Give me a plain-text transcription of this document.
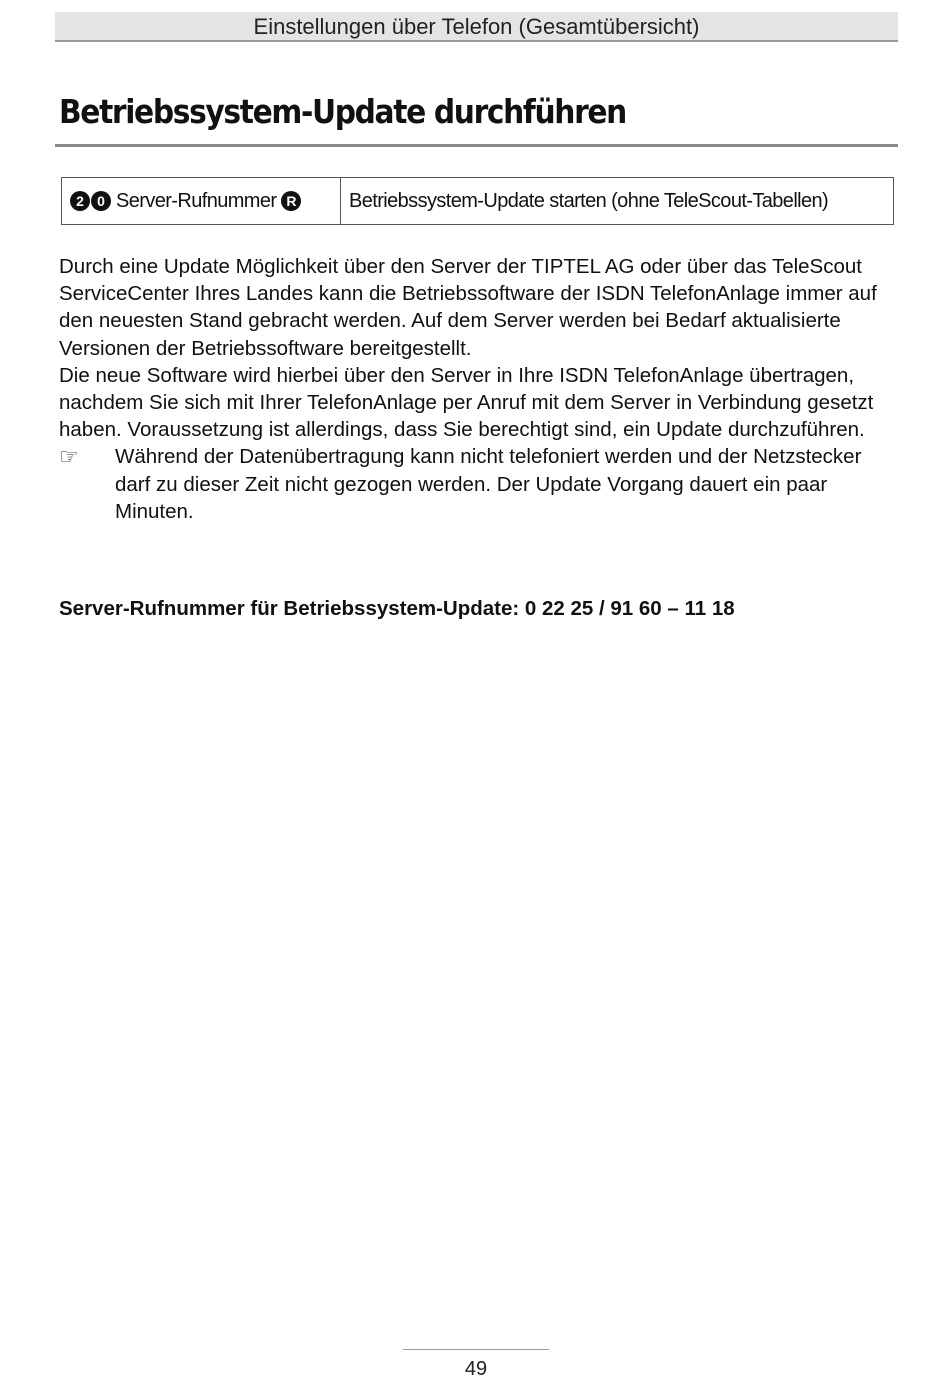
Einstellungen über Telefon (Gesamtübersicht)
Betriebssystem-Update durchführen
2 0 Server-Rufnummer R	Betriebssystem-Update starten (ohne TeleScout-Tabellen)

Durch eine Update Möglichkeit über den Server der TIPTEL AG oder über das TeleScout ServiceCenter Ihres Landes kann die Betriebssoftware der ISDN TelefonAnlage immer auf den neuesten Stand gebracht werden. Auf dem Server werden bei Bedarf aktualisierte Versionen der Betriebssoftware bereitgestellt.

Die neue Software wird hierbei über den Server in Ihre ISDN TelefonAnlage übertragen, nachdem Sie sich mit Ihrer TelefonAnlage per Anruf mit dem Server in Verbindung gesetzt haben. Voraussetzung ist allerdings, dass Sie berechtigt sind, ein Update durchzuführen.

☞	Während der Datenübertragung kann nicht telefoniert werden und der Netzstecker darf zu dieser Zeit nicht gezogen werden. Der Update Vorgang dauert ein paar Minuten.
Server-Rufnummer für Betriebssystem-Update: 0 22 25 / 91 60 – 11 18
49
